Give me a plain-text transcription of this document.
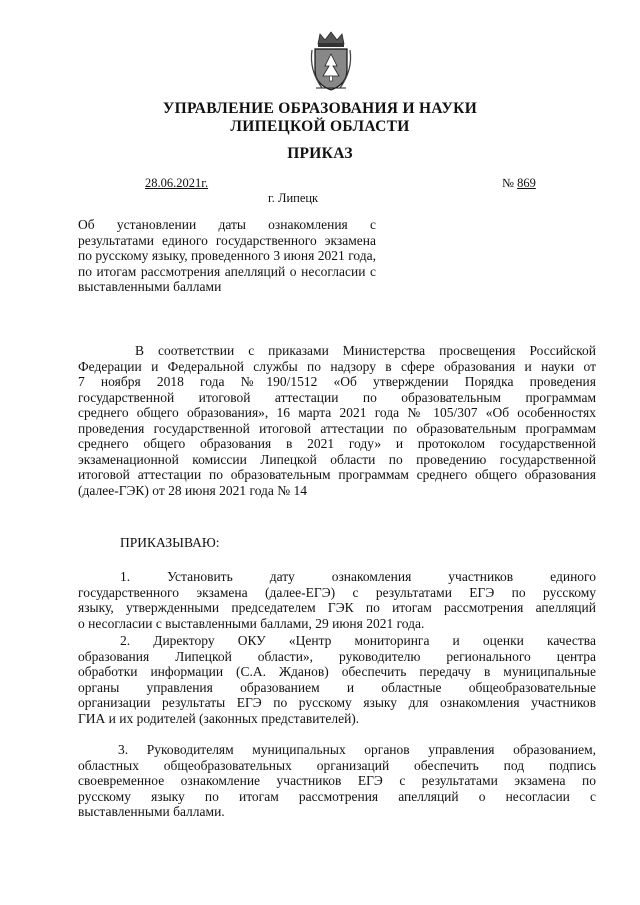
УПРАВЛЕНИЕ ОБРАЗОВАНИЯ И НАУКИ
ЛИПЕЦКОЙ ОБЛАСТИ
ПРИКАЗ
28.06.2021г.
г. Липецк
№ 869
Об установлении даты ознакомления с результатами единого государственного экзамена по русскому языку, проведенного 3 июня 2021 года, по итогам рассмотрения апелляций о несогласии с выставленными баллами
В соответствии с приказами Министерства просвещения Российской
Федерации и Федеральной службы по надзору в сфере образования и науки от
7 ноября 2018 года №190/1512 «Об утверждении Порядка проведения
государственной итоговой аттестации по образовательным программам
среднего общего образования», 16 марта 2021 года № 105/307 «Об особенностях
проведения государственной итоговой аттестации по образовательным программам
среднего общего образования в 2021 году» и протоколом государственной
экзаменационной комиссии Липецкой области по проведению государственной
итоговой аттестации по образовательным программам среднего общего образования
(далее-ГЭК) от 28 июня 2021 года № 14
ПРИКАЗЫВАЮ:
1. Установить дату ознакомления участников единого
государственного экзамена (далее-ЕГЭ) с результатами ЕГЭ по русскому
языку, утвержденными председателем ГЭК по итогам рассмотрения апелляций
о несогласии с выставленными баллами, 29 июня 2021 года.
2. Директору ОКУ «Центр мониторинга и оценки качества
образования Липецкой области», руководителю регионального центра
обработки информации (С.А. Жданов) обеспечить передачу в муниципальные
органы управления образованием и областные общеобразовательные
организации результаты ЕГЭ по русскому языку для ознакомления участников
ГИА и их родителей (законных представителей).
3. Руководителям муниципальных органов управления образованием,
областных общеобразовательных организаций обеспечить под подпись
своевременное ознакомление участников ЕГЭ с результатами экзамена по
русскому языку по итогам рассмотрения апелляций о несогласии с
выставленными баллами.
